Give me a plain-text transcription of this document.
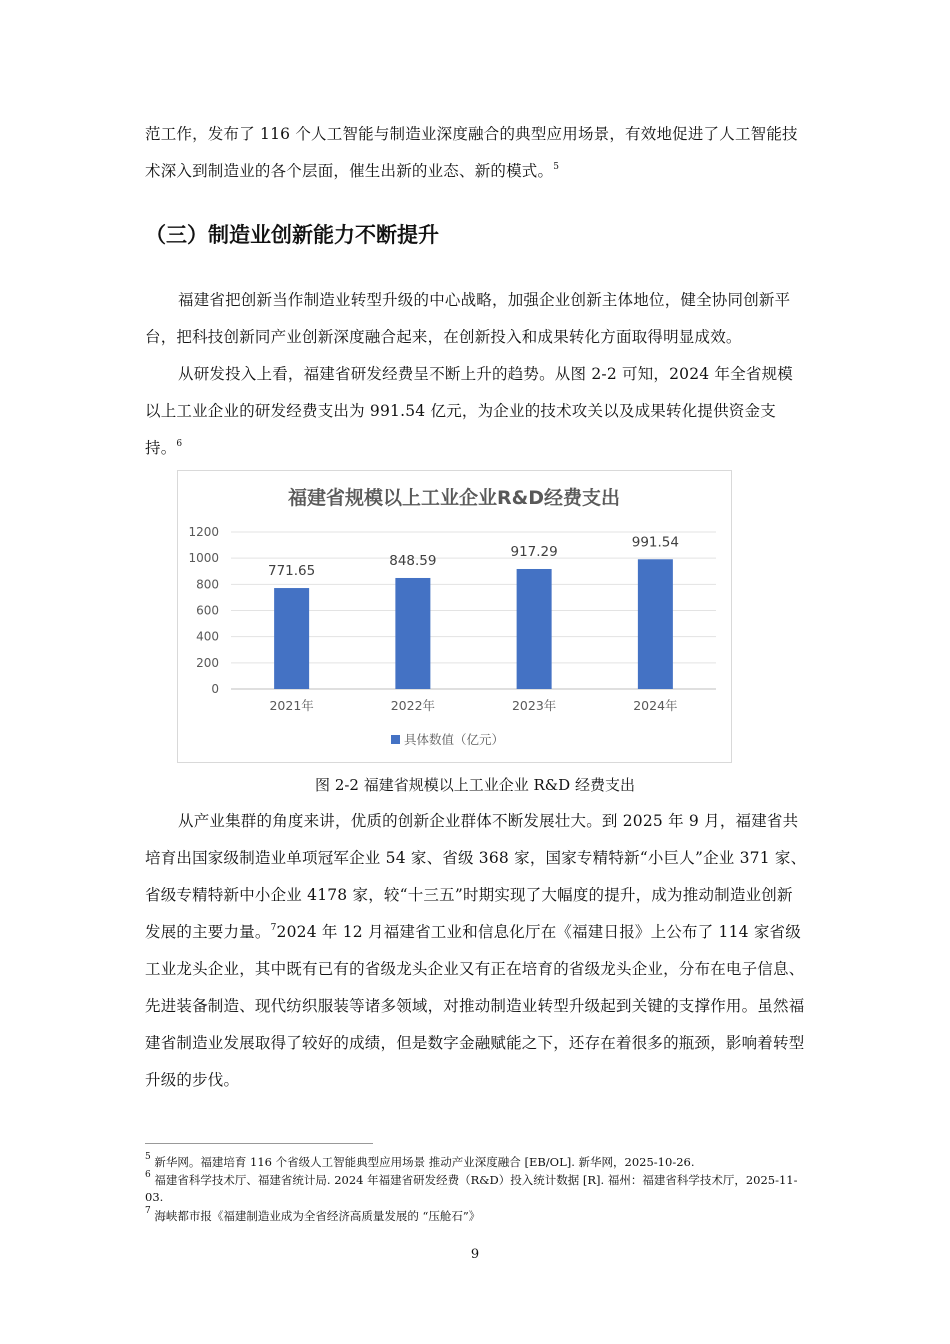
范工作，发布了 116 个人工智能与制造业深度融合的典型应用场景，有效地促进了人工智能技术深入到制造业的各个层面，催生出新的业态、新的模式。$^5$

（三）制造业创新能力不断提升

福建省把创新当作制造业转型升级的中心战略，加强企业创新主体地位，健全协同创新平台，把科技创新同产业创新深度融合起来，在创新投入和成果转化方面取得明显成效。

从研发投入上看，福建省研发经费呈不断上升的趋势。从图 2-2 可知，2024 年全省规模以上工业企业的研发经费支出为 991.54 亿元，为企业的技术攻关以及成果转化提供资金支持。$^6$

福建省规模以上工业企业R&D经费支出
0
200
400
600
800
1000
1200
771.65
848.59
917.29
991.54
2021年	2022年	2023年	2024年
具体数值（亿元）

图 2-2 福建省规模以上工业企业 R&D 经费支出

从产业集群的角度来讲，优质的创新企业群体不断发展壮大。到 2025 年 9 月，福建省共培育出国家级制造业单项冠军企业 54 家、省级 368 家，国家专精特新“小巨人”企业 371 家、省级专精特新中小企业 4178 家，较“十三五”时期实现了大幅度的提升，成为推动制造业创新发展的主要力量。$^7$2024 年 12 月福建省工业和信息化厅在《福建日报》上公布了 114 家省级工业龙头企业，其中既有已有的省级龙头企业又有正在培育的省级龙头企业，分布在电子信息、先进装备制造、现代纺织服装等诸多领域，对推动制造业转型升级起到关键的支撑作用。虽然福建省制造业发展取得了较好的成绩，但是数字金融赋能之下，还存在着很多的瓶颈，影响着转型升级的步伐。

$^5$ 新华网。福建培育 116 个省级人工智能典型应用场景 推动产业深度融合 [EB/OL]. 新华网，2025-10-26.

$^6$ 福建省科学技术厅、福建省统计局. 2024 年福建省研发经费（R&D）投入统计数据 [R]. 福州：福建省科学技术厅，2025-11-03.

$^7$ 海峡都市报《福建制造业成为全省经济高质量发展的 “压舱石”》

9
